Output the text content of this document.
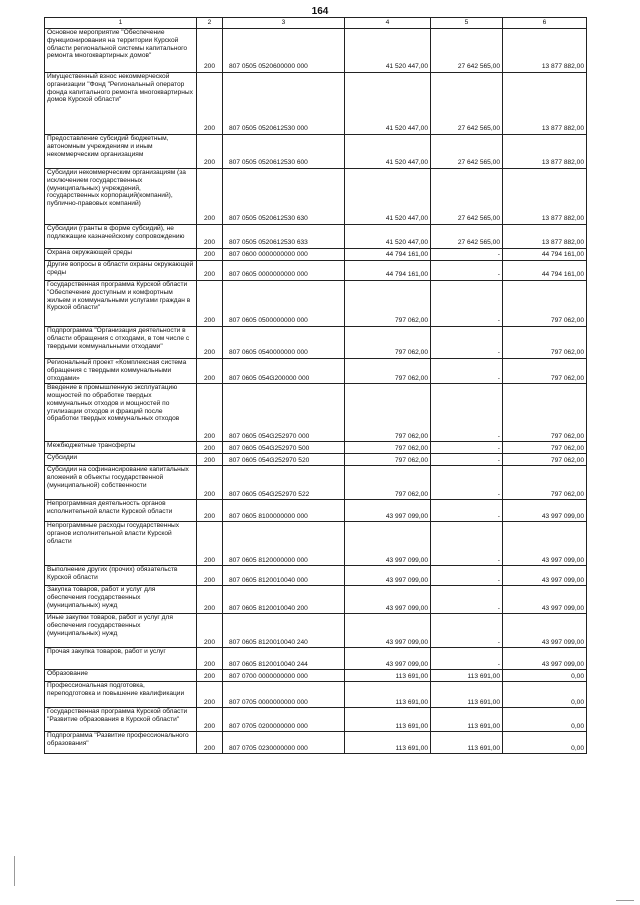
164
1	2	3	4	5	6
Основное мероприятие "Обеспечение функционирования на территории Курской области региональной системы капитального ремонта многоквартирных домов"	200	807 0505 0520600000 000	41 520 447,00	27 642 565,00	13 877 882,00
Имущественный взнос некоммерческой организации "Фонд "Региональный оператор фонда капитального ремонта многоквартирных домов Курской области"	200	807 0505 0520612530 000	41 520 447,00	27 642 565,00	13 877 882,00
Предоставление субсидий бюджетным, автономным учреждениям и иным некоммерческим организациям	200	807 0505 0520612530 600	41 520 447,00	27 642 565,00	13 877 882,00
Субсидии некоммерческим организациям (за исключением государственных (муниципальных) учреждений, государственных корпораций(компаний), публично-правовых компаний)	200	807 0505 0520612530 630	41 520 447,00	27 642 565,00	13 877 882,00
Субсидии (гранты в форме субсидий), не подлежащие казначейскому сопровождению	200	807 0505 0520612530 633	41 520 447,00	27 642 565,00	13 877 882,00
Охрана окружающей среды	200	807 0600 0000000000 000	44 794 161,00	-	44 794 161,00
Другие вопросы в области охраны окружающей среды	200	807 0605 0000000000 000	44 794 161,00	-	44 794 161,00
Государственная программа Курской области "Обеспечение доступным и комфортным жильем и коммунальными услугами граждан в Курской области"	200	807 0605 0500000000 000	797 062,00	-	797 062,00
Подпрограмма "Организация деятельности в области обращения с отходами, в том числе с твердыми коммунальными отходами"	200	807 0605 0540000000 000	797 062,00	-	797 062,00
Региональный проект «Комплексная система обращения с твердыми коммунальными отходами»	200	807 0605 054G200000 000	797 062,00	-	797 062,00
Введение в промышленную эксплуатацию мощностей по обработке твердых коммунальных отходов и мощностей по утилизации отходов и фракций после обработки твердых коммунальных отходов	200	807 0605 054G252970 000	797 062,00	-	797 062,00
Межбюджетные трансферты	200	807 0605 054G252970 500	797 062,00	-	797 062,00
Субсидии	200	807 0605 054G252970 520	797 062,00	-	797 062,00
Субсидии на софинансирование капитальных вложений в объекты государственной (муниципальной) собственности	200	807 0605 054G252970 522	797 062,00	-	797 062,00
Непрограммная деятельность органов исполнительной власти Курской области	200	807 0605 8100000000 000	43 997 099,00	-	43 997 099,00
Непрограммные расходы государственных органов исполнительной власти Курской области	200	807 0605 8120000000 000	43 997 099,00	-	43 997 099,00
Выполнение других (прочих) обязательств Курской области	200	807 0605 8120010040 000	43 997 099,00	-	43 997 099,00
Закупка товаров, работ и услуг для обеспечения государственных (муниципальных) нужд	200	807 0605 8120010040 200	43 997 099,00	-	43 997 099,00
Иные закупки товаров, работ и услуг для обеспечения государственных (муниципальных) нужд	200	807 0605 8120010040 240	43 997 099,00	-	43 997 099,00
Прочая закупка товаров, работ и услуг	200	807 0605 8120010040 244	43 997 099,00	-	43 997 099,00
Образование	200	807 0700 0000000000 000	113 691,00	113 691,00	0,00
Профессиональная подготовка, переподготовка и повышение квалификации	200	807 0705 0000000000 000	113 691,00	113 691,00	0,00
Государственная программа Курской области "Развитие образования в Курской области"	200	807 0705 0200000000 000	113 691,00	113 691,00	0,00
Подпрограмма "Развитие профессионального образования"	200	807 0705 0230000000 000	113 691,00	113 691,00	0,00
